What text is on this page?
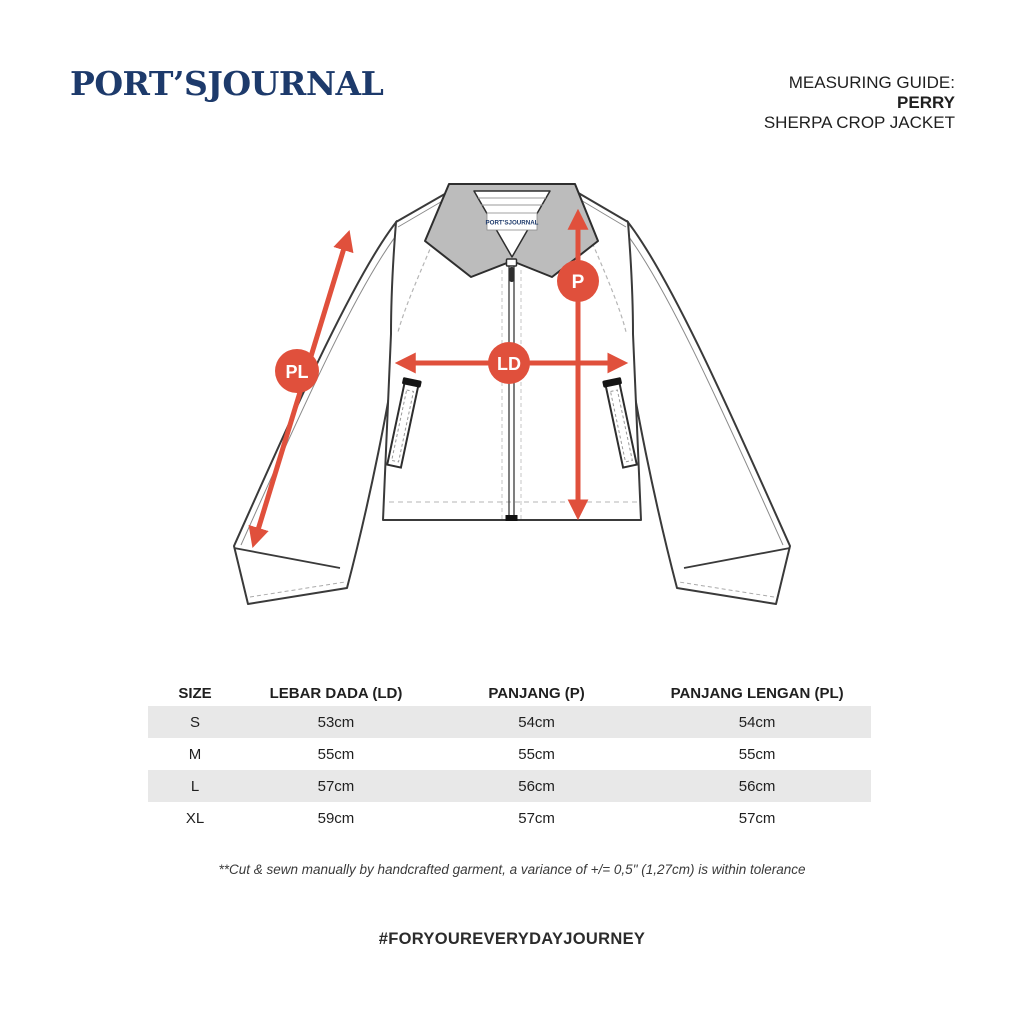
PORT’SJOURNAL	MEASURING GUIDE:
PERRY
SHERPA CROP JACKET
PORT’SJOURNAL
PL	LD
P
SIZE	LEBAR DADA (LD)	PANJANG (P)	PANJANG LENGAN (PL)
S	53cm	54cm	54cm
M	55cm	55cm	55cm
L	57cm	56cm	56cm
XL	59cm	57cm	57cm
**Cut & sewn manually by handcrafted garment, a variance of +/= 0,5" (1,27cm) is within tolerance
#FORYOUREVERYDAYJOURNEY
